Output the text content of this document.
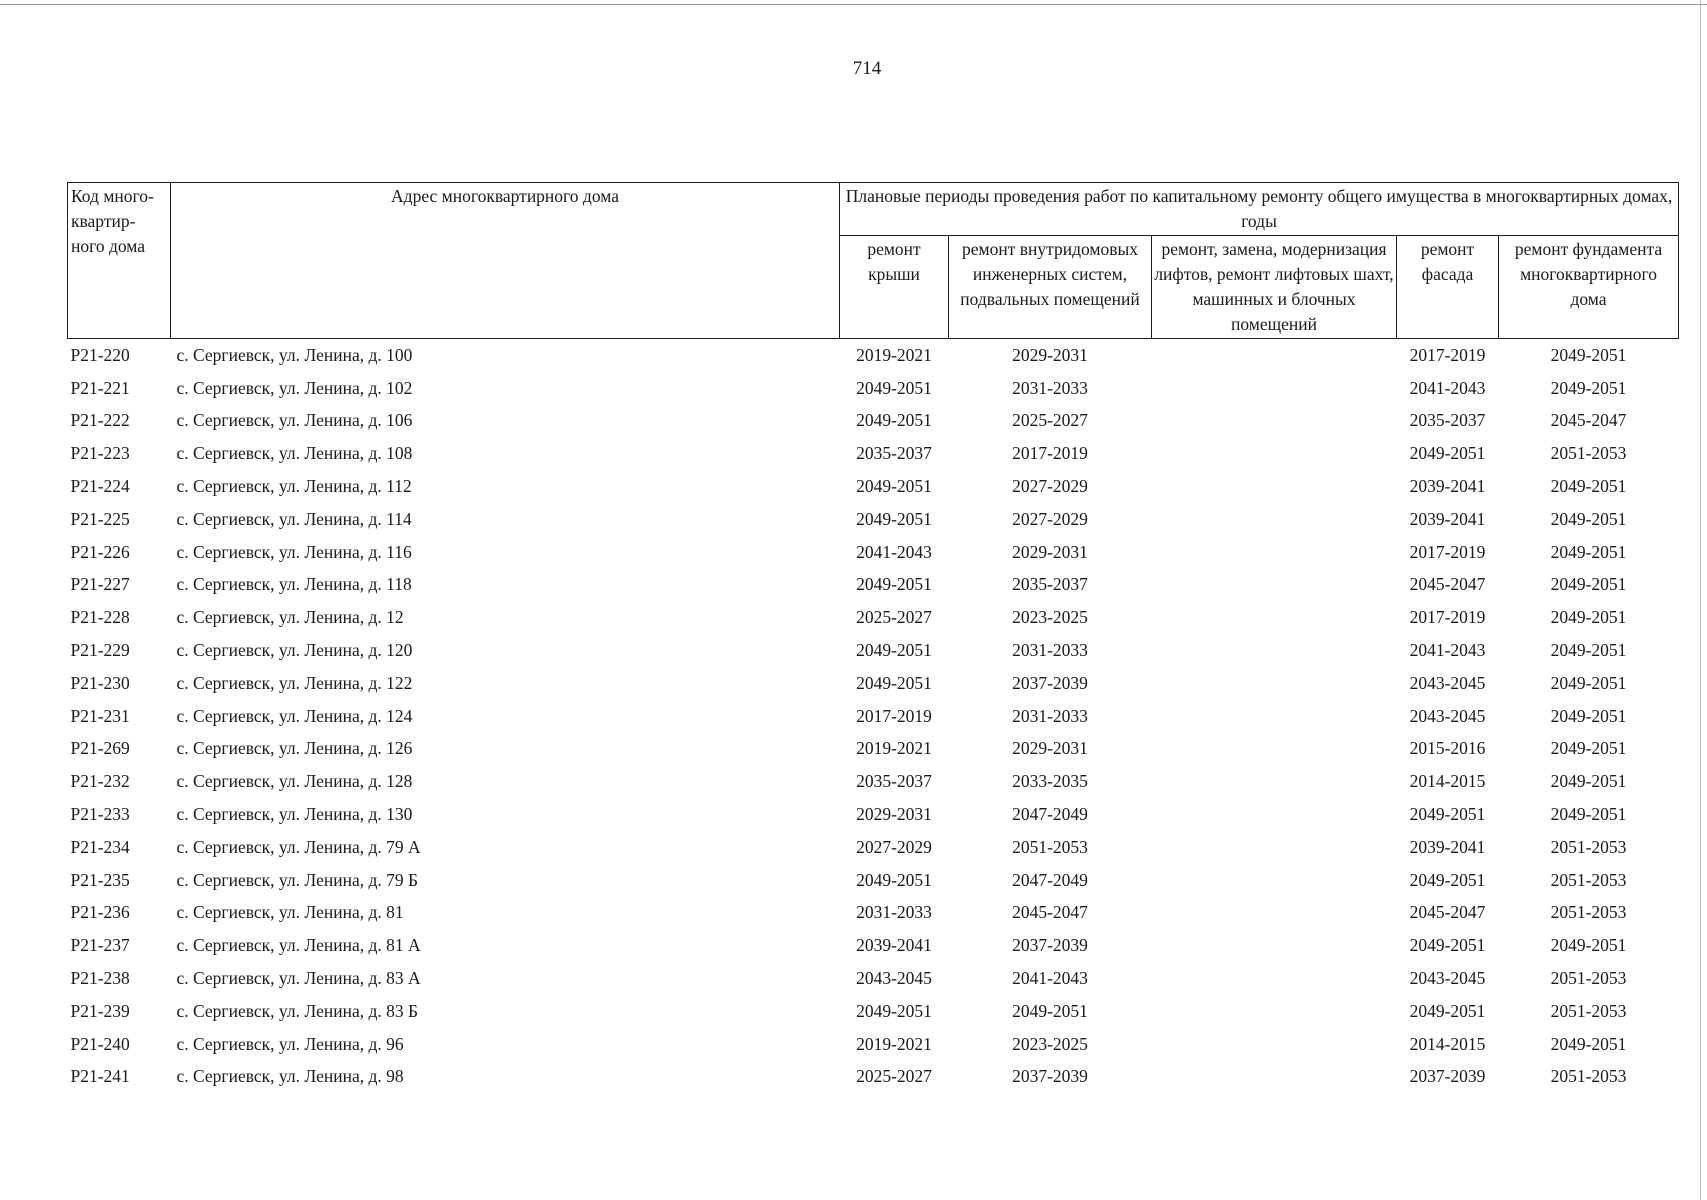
714
Код много-квартир-ного дома	Адрес многоквартирного дома	Плановые периоды проведения работ по капитальному ремонту общего имущества в многоквартирных домах, годы				
		ремонт крыши	ремонт внутридомовых инженерных систем, подвальных помещений	ремонт, замена, модернизация лифтов, ремонт лифтовых шахт, машинных и блочных помещений	ремонт фасада	ремонт фундамента многоквартирного дома
Р21-220	с. Сергиевск, ул. Ленина, д. 100	2019-2021	2029-2031		2017-2019	2049-2051
Р21-221	с. Сергиевск, ул. Ленина, д. 102	2049-2051	2031-2033		2041-2043	2049-2051
Р21-222	с. Сергиевск, ул. Ленина, д. 106	2049-2051	2025-2027		2035-2037	2045-2047
Р21-223	с. Сергиевск, ул. Ленина, д. 108	2035-2037	2017-2019		2049-2051	2051-2053
Р21-224	с. Сергиевск, ул. Ленина, д. 112	2049-2051	2027-2029		2039-2041	2049-2051
Р21-225	с. Сергиевск, ул. Ленина, д. 114	2049-2051	2027-2029		2039-2041	2049-2051
Р21-226	с. Сергиевск, ул. Ленина, д. 116	2041-2043	2029-2031		2017-2019	2049-2051
Р21-227	с. Сергиевск, ул. Ленина, д. 118	2049-2051	2035-2037		2045-2047	2049-2051
Р21-228	с. Сергиевск, ул. Ленина, д. 12	2025-2027	2023-2025		2017-2019	2049-2051
Р21-229	с. Сергиевск, ул. Ленина, д. 120	2049-2051	2031-2033		2041-2043	2049-2051
Р21-230	с. Сергиевск, ул. Ленина, д. 122	2049-2051	2037-2039		2043-2045	2049-2051
Р21-231	с. Сергиевск, ул. Ленина, д. 124	2017-2019	2031-2033		2043-2045	2049-2051
Р21-269	с. Сергиевск, ул. Ленина, д. 126	2019-2021	2029-2031		2015-2016	2049-2051
Р21-232	с. Сергиевск, ул. Ленина, д. 128	2035-2037	2033-2035		2014-2015	2049-2051
Р21-233	с. Сергиевск, ул. Ленина, д. 130	2029-2031	2047-2049		2049-2051	2049-2051
Р21-234	с. Сергиевск, ул. Ленина, д. 79 А	2027-2029	2051-2053		2039-2041	2051-2053
Р21-235	с. Сергиевск, ул. Ленина, д. 79 Б	2049-2051	2047-2049		2049-2051	2051-2053
Р21-236	с. Сергиевск, ул. Ленина, д. 81	2031-2033	2045-2047		2045-2047	2051-2053
Р21-237	с. Сергиевск, ул. Ленина, д. 81 А	2039-2041	2037-2039		2049-2051	2049-2051
Р21-238	с. Сергиевск, ул. Ленина, д. 83 А	2043-2045	2041-2043		2043-2045	2051-2053
Р21-239	с. Сергиевск, ул. Ленина, д. 83 Б	2049-2051	2049-2051		2049-2051	2051-2053
Р21-240	с. Сергиевск, ул. Ленина, д. 96	2019-2021	2023-2025		2014-2015	2049-2051
Р21-241	с. Сергиевск, ул. Ленина, д. 98	2025-2027	2037-2039		2037-2039	2051-2053
